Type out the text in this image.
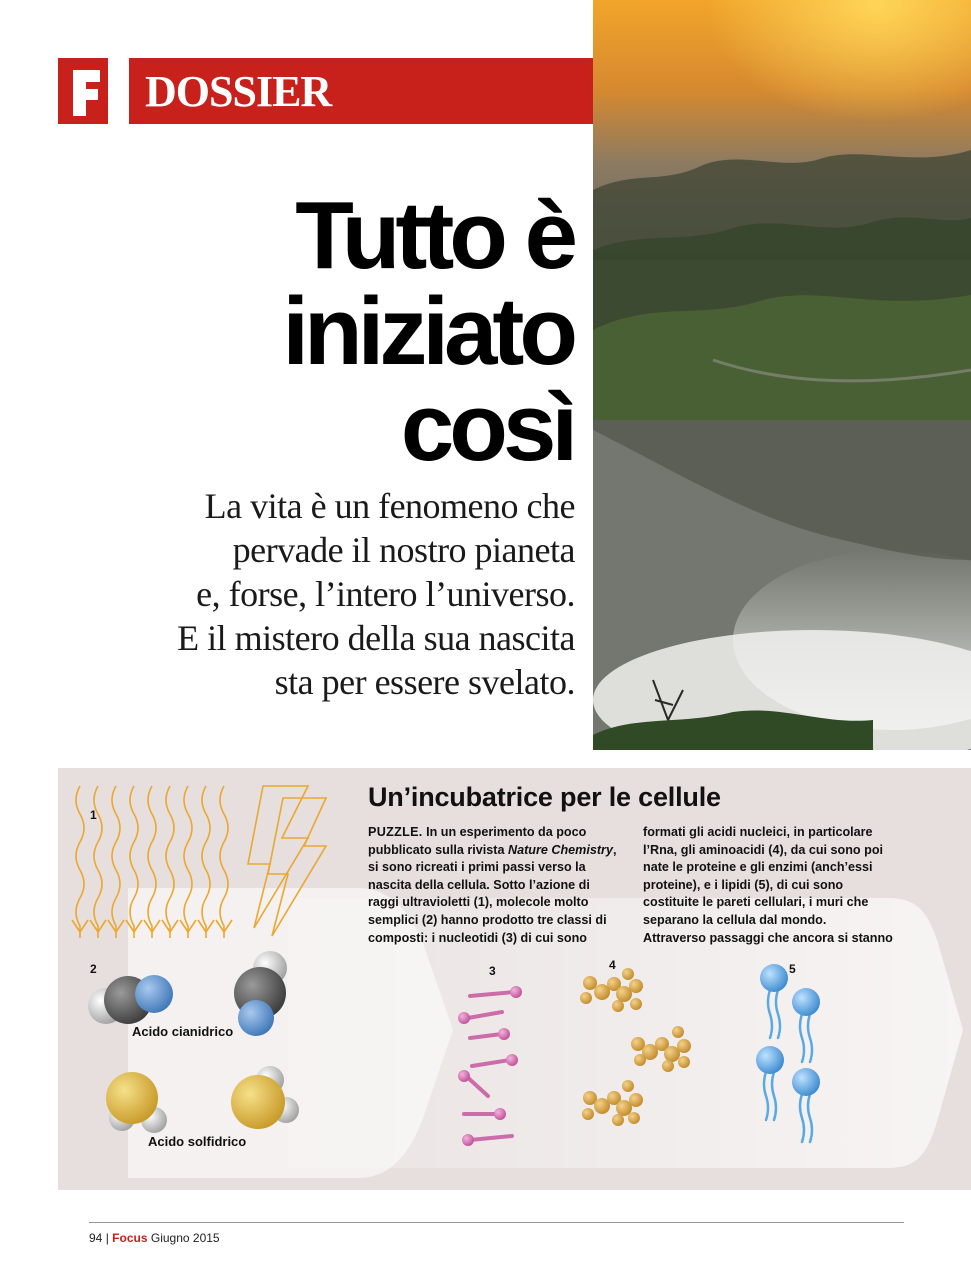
DOSSIER
Tutto è
iniziato
così
La vita è un fenomeno che
pervade il nostro pianeta
e, forse, l’intero l’universo.
E il mistero della sua nascita
sta per essere svelato.
1
2	3	4	5
Acido cianidrico
Acido solfidrico
Un’incubatrice per le cellule
PUZZLE. In un esperimento da poco
pubblicato sulla rivista Nature Chemistry,
si sono ricreati i primi passi verso la
nascita della cellula. Sotto l’azione di
raggi ultravioletti (1), molecole molto
semplici (2) hanno prodotto tre classi di
composti: i nucleotidi (3) di cui sono
formati gli acidi nucleici, in particolare
l’Rna, gli aminoacidi (4), da cui sono poi
nate le proteine e gli enzimi (anch’essi
proteine), e i lipidi (5), di cui sono
costituite le pareti cellulari, i muri che
separano la cellula dal mondo.
Attraverso passaggi che ancora si stanno
94 | Focus Giugno 2015
